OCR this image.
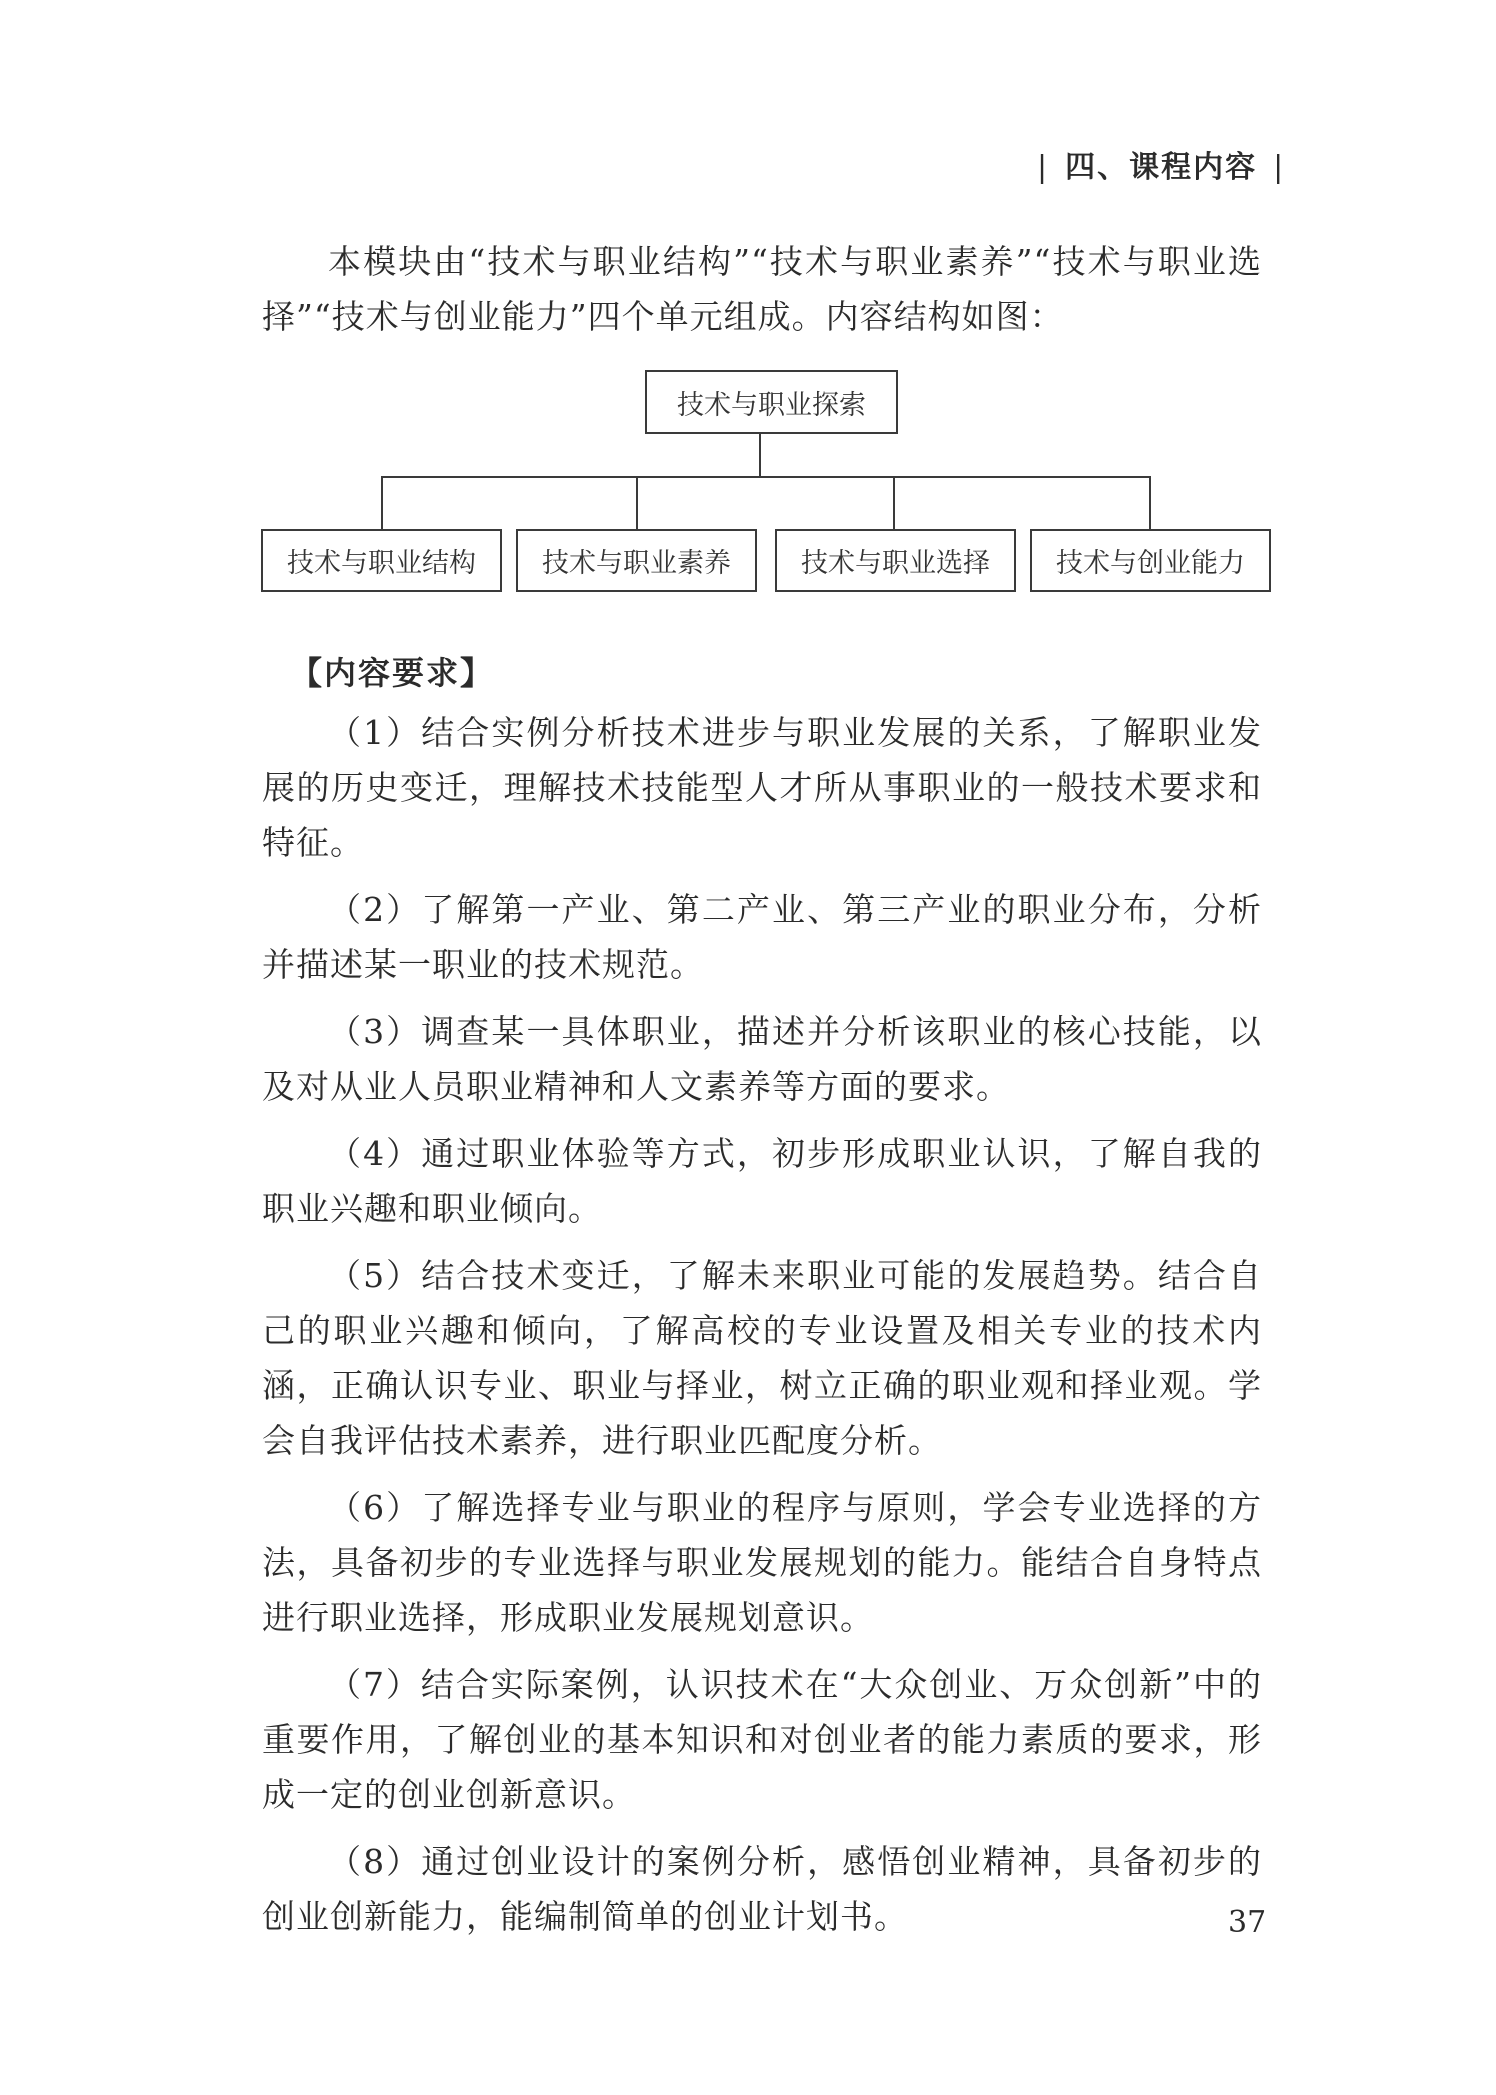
| 四、课程内容 |

本模块由“技术与职业结构”“技术与职业素养”“技术与职业选择”“技术与创业能力”四个单元组成。内容结构如图：

技术与职业探索
技术与职业结构	技术与职业素养	技术与职业选择	技术与创业能力

【内容要求】

（1）结合实例分析技术进步与职业发展的关系，了解职业发展的历史变迁，理解技术技能型人才所从事职业的一般技术要求和特征。
（2）了解第一产业、第二产业、第三产业的职业分布，分析并描述某一职业的技术规范。
（3）调查某一具体职业，描述并分析该职业的核心技能，以及对从业人员职业精神和人文素养等方面的要求。
（4）通过职业体验等方式，初步形成职业认识，了解自我的职业兴趣和职业倾向。
（5）结合技术变迁，了解未来职业可能的发展趋势。结合自己的职业兴趣和倾向，了解高校的专业设置及相关专业的技术内涵，正确认识专业、职业与择业，树立正确的职业观和择业观。学会自我评估技术素养，进行职业匹配度分析。
（6）了解选择专业与职业的程序与原则，学会专业选择的方法，具备初步的专业选择与职业发展规划的能力。能结合自身特点进行职业选择，形成职业发展规划意识。
（7）结合实际案例，认识技术在“大众创业、万众创新”中的重要作用，了解创业的基本知识和对创业者的能力素质的要求，形成一定的创业创新意识。
（8）通过创业设计的案例分析，感悟创业精神，具备初步的创业创新能力，能编制简单的创业计划书。	37
